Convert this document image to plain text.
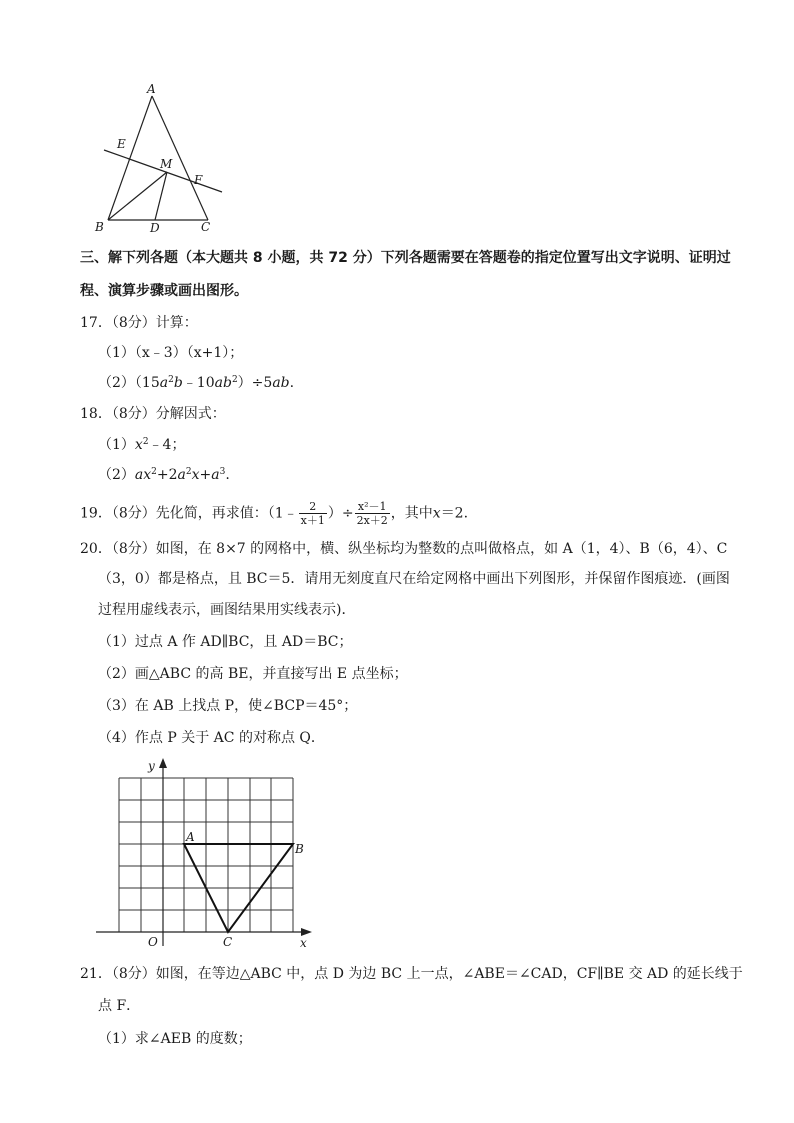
A
E
M
F
B	D	C
三、解下列各题（本大题共 8 小题，共 72 分）下列各题需要在答题卷的指定位置写出文字说明、证明过
程、演算步骤或画出图形。
17．（8分）计算：
（1）（x﹣3）（x+1）；
$(2)(15a^2b﹣10ab^2)\div 5ab$.
18．（8分）分解因式：
$(1)x^2﹣4$；
$(2)ax^2+2a^2x+a^3$.
19．（8分）先化简，再求值：（1﹣ $\frac{2}{x+1}$ ）÷ $\frac{\text{x²－1}}{2x+2}$ ，其中x＝2.
20．（8分）如图，在 8×7 的网格中，横、纵坐标均为整数的点叫做格点，如 A（1，4）、B（6，4）、C
（3，0）都是格点，且 BC＝5．请用无刻度直尺在给定网格中画出下列图形，并保留作图痕迹．(画图
过程用虚线表示，画图结果用实线表示)．
（1）过点 A 作 AD∥BC，且 AD＝BC；
（2）画△ABC 的高 BE，并直接写出 E 点坐标；
（3）在 AB 上找点 P，使∠BCP＝45°；
（4）作点 P 关于 AC 的对称点 Q．
y
x
O
A
B
C
21．（8分）如图，在等边△ABC 中，点 D 为边 BC 上一点，∠ABE＝∠CAD，CF∥BE 交 AD 的延长线于
点 F．
（1）求∠AEB 的度数；
